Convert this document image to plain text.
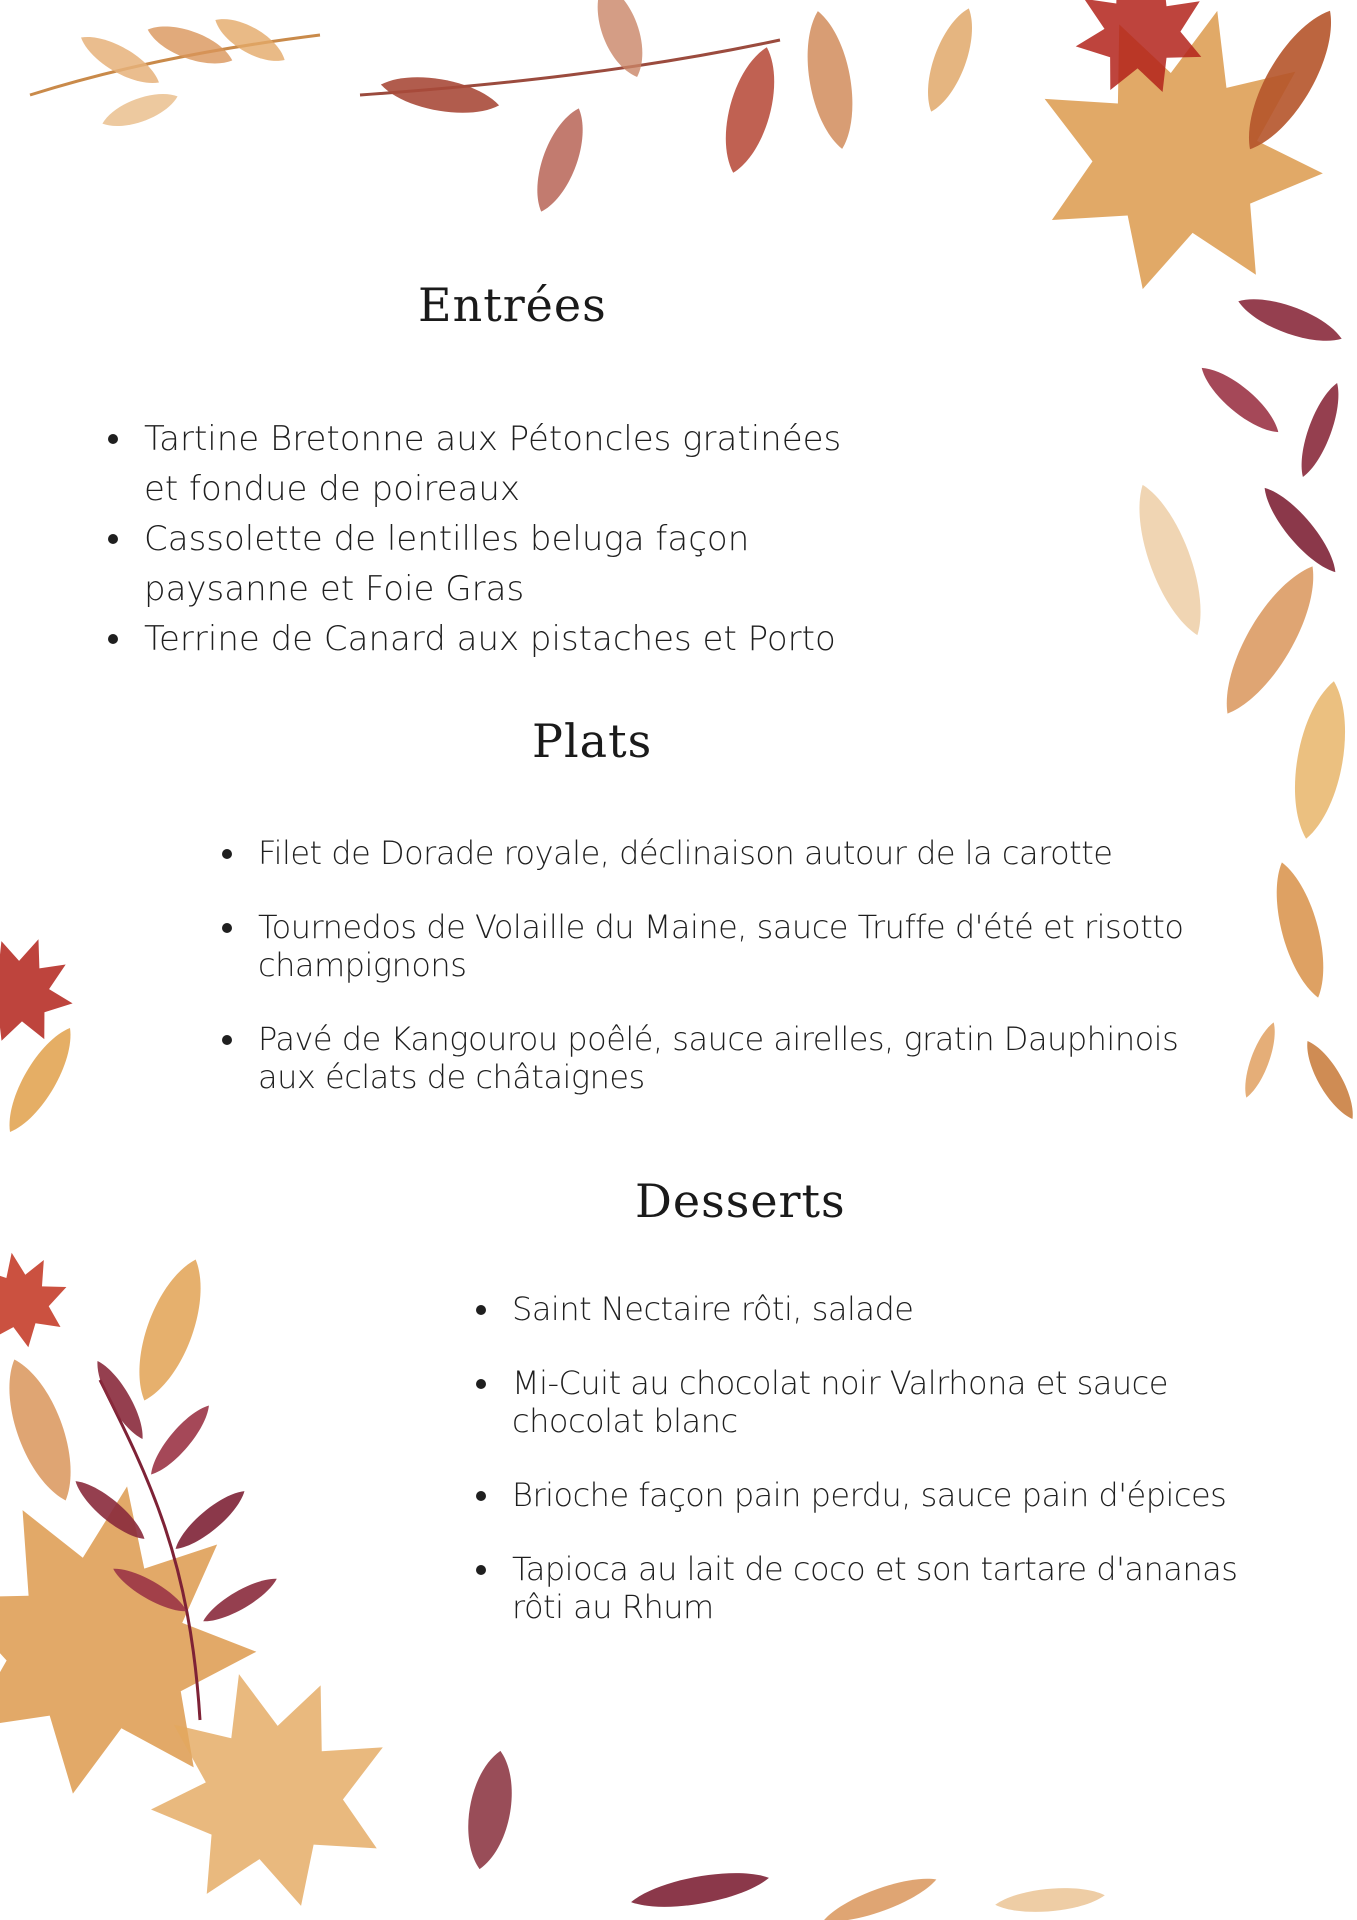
Entrées
Tartine Bretonne aux Pétoncles gratinées et fondue de poireaux
Cassolette de lentilles beluga façon paysanne et Foie Gras
Terrine de Canard aux pistaches et Porto
Plats
Filet de Dorade royale, déclinaison autour de la carotte
Tournedos de Volaille du Maine, sauce Truffe d'été et risotto champignons
Pavé de Kangourou poêlé, sauce airelles, gratin Dauphinois aux éclats de châtaignes
Desserts
Saint Nectaire rôti, salade
Mi-Cuit au chocolat noir Valrhona et sauce chocolat blanc
Brioche façon pain perdu, sauce pain d'épices
Tapioca au lait de coco et son tartare d'ananas rôti au Rhum
